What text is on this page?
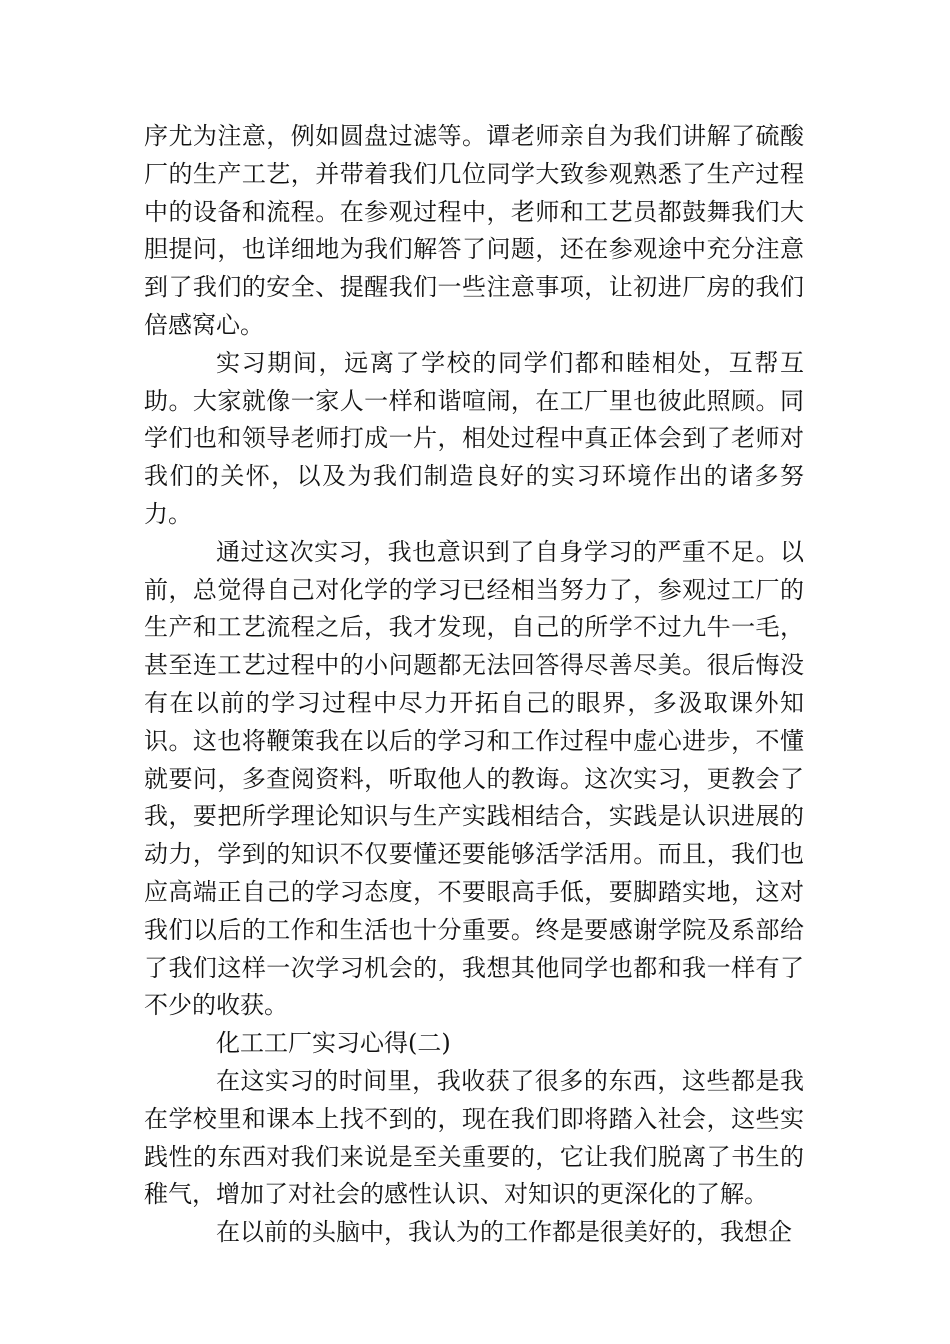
序尤为注意，例如圆盘过滤等。谭老师亲自为我们讲解了硫酸厂的生产工艺，并带着我们几位同学大致参观熟悉了生产过程中的设备和流程。在参观过程中，老师和工艺员都鼓舞我们大胆提问，也详细地为我们解答了问题，还在参观途中充分注意到了我们的安全、提醒我们一些注意事项，让初进厂房的我们倍感窝心。

实习期间，远离了学校的同学们都和睦相处，互帮互助。大家就像一家人一样和谐喧闹，在工厂里也彼此照顾。同学们也和领导老师打成一片，相处过程中真正体会到了老师对我们的关怀，以及为我们制造良好的实习环境作出的诸多努力。

通过这次实习，我也意识到了自身学习的严重不足。以前，总觉得自己对化学的学习已经相当努力了，参观过工厂的生产和工艺流程之后，我才发现，自己的所学不过九牛一毛，甚至连工艺过程中的小问题都无法回答得尽善尽美。很后悔没有在以前的学习过程中尽力开拓自己的眼界，多汲取课外知识。这也将鞭策我在以后的学习和工作过程中虚心进步，不懂就要问，多查阅资料，听取他人的教诲。这次实习，更教会了我，要把所学理论知识与生产实践相结合，实践是认识进展的动力，学到的知识不仅要懂还要能够活学活用。而且，我们也应高端正自己的学习态度，不要眼高手低，要脚踏实地，这对我们以后的工作和生活也十分重要。终是要感谢学院及系部给了我们这样一次学习机会的，我想其他同学也都和我一样有了不少的收获。

化工工厂实习心得(二)

在这实习的时间里，我收获了很多的东西，这些都是我在学校里和课本上找不到的，现在我们即将踏入社会，这些实践性的东西对我们来说是至关重要的，它让我们脱离了书生的稚气，增加了对社会的感性认识、对知识的更深化的了解。

在以前的头脑中，我认为的工作都是很美好的，我想企
